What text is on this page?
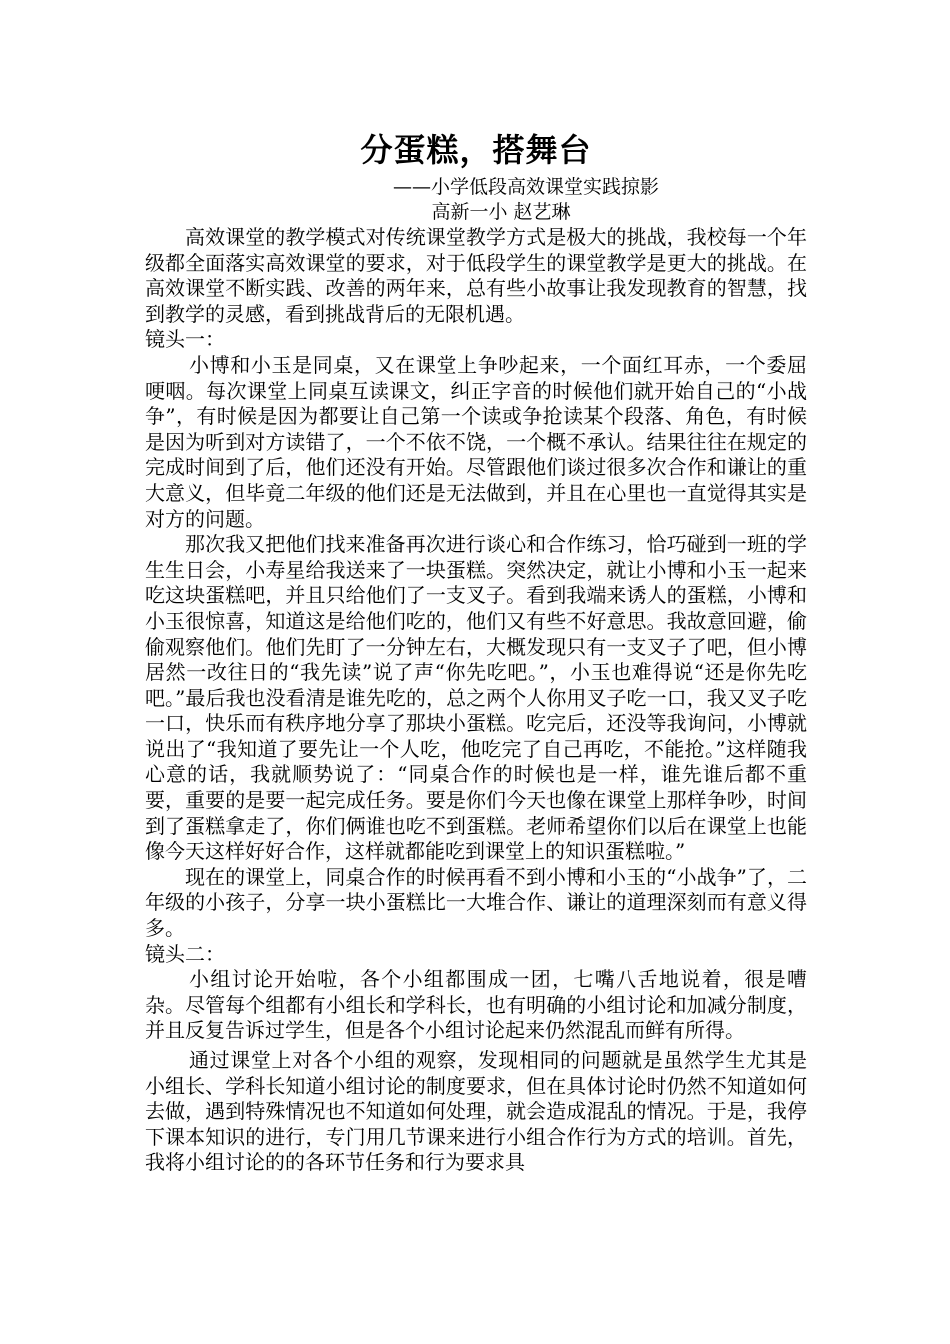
分蛋糕，搭舞台

——小学低段高效课堂实践掠影

高新一小 赵艺琳

高效课堂的教学模式对传统课堂教学方式是极大的挑战，我校每一个年级都全面落实高效课堂的要求，对于低段学生的课堂教学是更大的挑战。在高效课堂不断实践、改善的两年来，总有些小故事让我发现教育的智慧，找到教学的灵感，看到挑战背后的无限机遇。

镜头一：

小博和小玉是同桌，又在课堂上争吵起来，一个面红耳赤，一个委屈哽咽。每次课堂上同桌互读课文，纠正字音的时候他们就开始自己的“小战争”，有时候是因为都要让自己第一个读或争抢读某个段落、角色，有时候是因为听到对方读错了，一个不依不饶，一个概不承认。结果往往在规定的完成时间到了后，他们还没有开始。尽管跟他们谈过很多次合作和谦让的重大意义，但毕竟二年级的他们还是无法做到，并且在心里也一直觉得其实是对方的问题。

那次我又把他们找来准备再次进行谈心和合作练习，恰巧碰到一班的学生生日会，小寿星给我送来了一块蛋糕。突然决定，就让小博和小玉一起来吃这块蛋糕吧，并且只给他们了一支叉子。看到我端来诱人的蛋糕，小博和小玉很惊喜，知道这是给他们吃的，他们又有些不好意思。我故意回避，偷偷观察他们。他们先盯了一分钟左右，大概发现只有一支叉子了吧，但小博居然一改往日的“我先读”说了声“你先吃吧。”，小玉也难得说“还是你先吃吧。”最后我也没看清是谁先吃的，总之两个人你用叉子吃一口，我又叉子吃一口，快乐而有秩序地分享了那块小蛋糕。吃完后，还没等我询问，小博就说出了“我知道了要先让一个人吃，他吃完了自己再吃，不能抢。”这样随我心意的话，我就顺势说了：“同桌合作的时候也是一样，谁先谁后都不重要，重要的是要一起完成任务。要是你们今天也像在课堂上那样争吵，时间到了蛋糕拿走了，你们俩谁也吃不到蛋糕。老师希望你们以后在课堂上也能像今天这样好好合作，这样就都能吃到课堂上的知识蛋糕啦。”

现在的课堂上，同桌合作的时候再看不到小博和小玉的“小战争”了，二年级的小孩子，分享一块小蛋糕比一大堆合作、谦让的道理深刻而有意义得多。

镜头二：

小组讨论开始啦，各个小组都围成一团，七嘴八舌地说着，很是嘈杂。尽管每个组都有小组长和学科长，也有明确的小组讨论和加减分制度，并且反复告诉过学生，但是各个小组讨论起来仍然混乱而鲜有所得。

通过课堂上对各个小组的观察，发现相同的问题就是虽然学生尤其是小组长、学科长知道小组讨论的制度要求，但在具体讨论时仍然不知道如何去做，遇到特殊情况也不知道如何处理，就会造成混乱的情况。于是，我停下课本知识的进行，专门用几节课来进行小组合作行为方式的培训。首先，我将小组讨论的的各环节任务和行为要求具
